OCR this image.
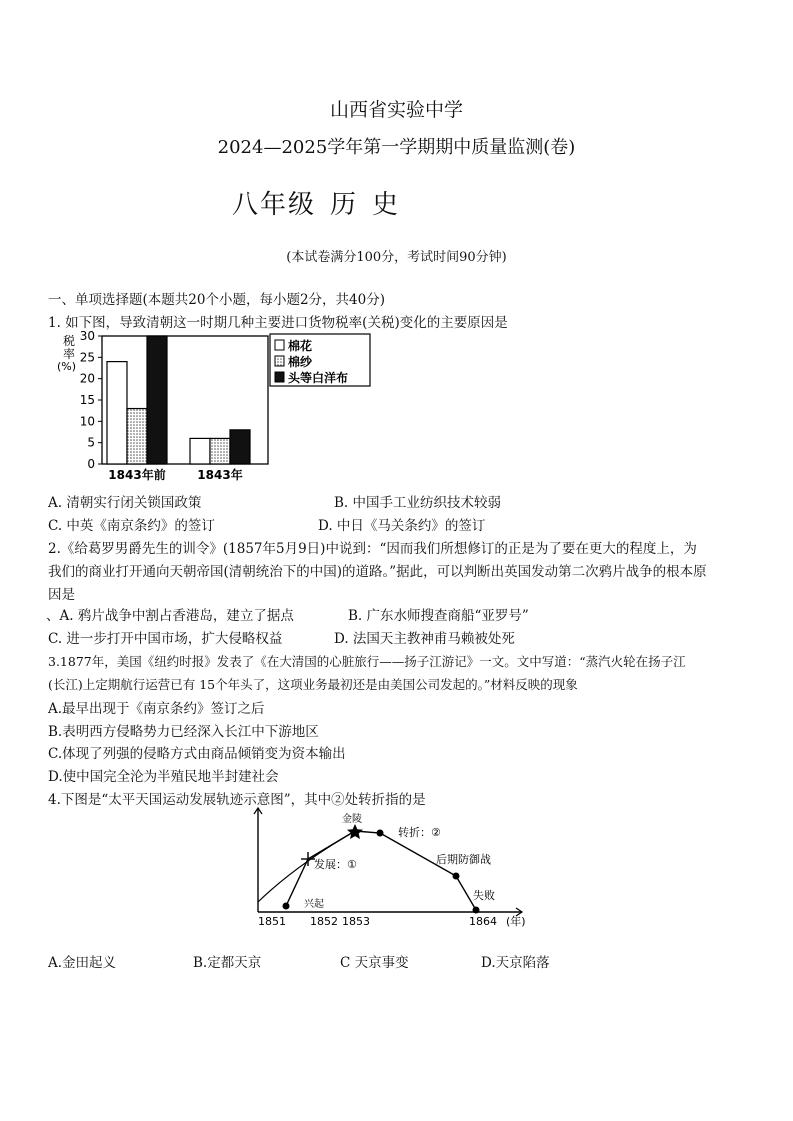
山西省实验中学
2024—2025学年第一学期期中质量监测(卷)
八年级 历 史
(本试卷满分100分，考试时间90分钟)
一、单项选择题(本题共20个小题，每小题2分，共40分)
1. 如下图，导致清朝这一时期几种主要进口货物税率(关税)变化的主要原因是
税
率
(%)
0
5
10
15
20
25
30
1843年前	1843年
棉花
棉纱
头等白洋布
A. 清朝实行闭关锁国政策	B. 中国手工业纺织技术较弱
C. 中英《南京条约》的签订	D. 中日《马关条约》的签订
2.《给葛罗男爵先生的训令》(1857年5月9日)中说到：“因而我们所想修订的正是为了要在更大的程度上，为
我们的商业打开通向天朝帝国(清朝统治下的中国)的道路。”据此，可以判断出英国发动第二次鸦片战争的根本原
因是
、A. 鸦片战争中割占香港岛，建立了据点	B. 广东水师搜查商船“亚罗号”
C. 进一步打开中国市场，扩大侵略权益	D. 法国天主教神甫马赖被处死
3.1877年，美国《纽约时报》发表了《在大清国的心脏旅行——扬子江游记》一文。文中写道：“蒸汽火轮在扬子江
(长江)上定期航行运营已有 15个年头了，这项业务最初还是由美国公司发起的。”材料反映的现象
A.最早出现于《南京条约》签订之后
B.表明西方侵略势力已经深入长江中下游地区
C.体现了列强的侵略方式由商品倾销变为资本输出
D.使中国完全沦为半殖民地半封建社会
4.下图是“太平天国运动发展轨迹示意图”，其中②处转折指的是
金陵
转折：②
发展：①
兴起
后期防御战
失败
1851 1852 1853	1864 (年)
A.金田起义	B.定都天京	C 天京事变	D.天京陷落
